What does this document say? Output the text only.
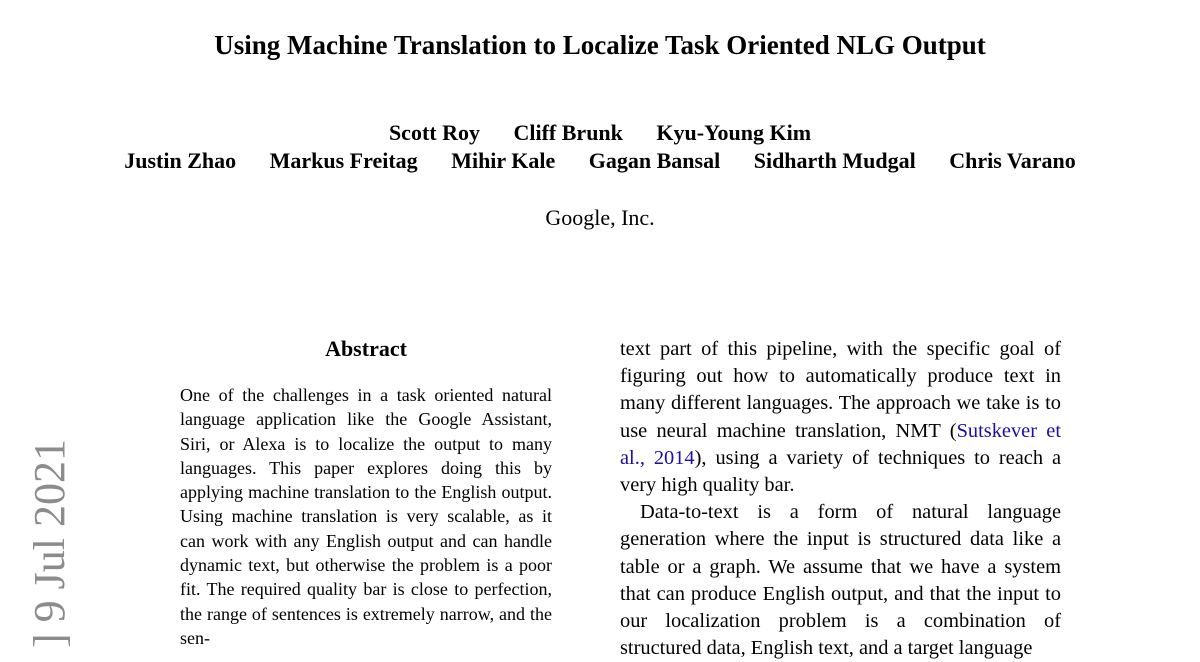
Using Machine Translation to Localize Task Oriented NLG Output
Scott Roy Cliff Brunk Kyu-Young Kim
Justin Zhao Markus Freitag Mihir Kale Gagan Bansal Sidharth Mudgal Chris Varano
Google, Inc.
] 9 Jul 2021
Abstract

One of the challenges in a task oriented natural language application like the Google Assistant, Siri, or Alexa is to localize the output to many languages. This paper explores doing this by applying machine translation to the English output. Using machine translation is very scalable, as it can work with any English output and can handle dynamic text, but otherwise the problem is a poor fit. The required quality bar is close to perfection, the range of sentences is extremely narrow, and the sen-

text part of this pipeline, with the specific goal of figuring out how to automatically produce text in many different languages. The approach we take is to use neural machine translation, NMT (Sutskever et al., 2014), using a variety of techniques to reach a very high quality bar.

Data-to-text is a form of natural language generation where the input is structured data like a table or a graph. We assume that we have a system that can produce English output, and that the input to our localization problem is a combination of structured data, English text, and a target language
